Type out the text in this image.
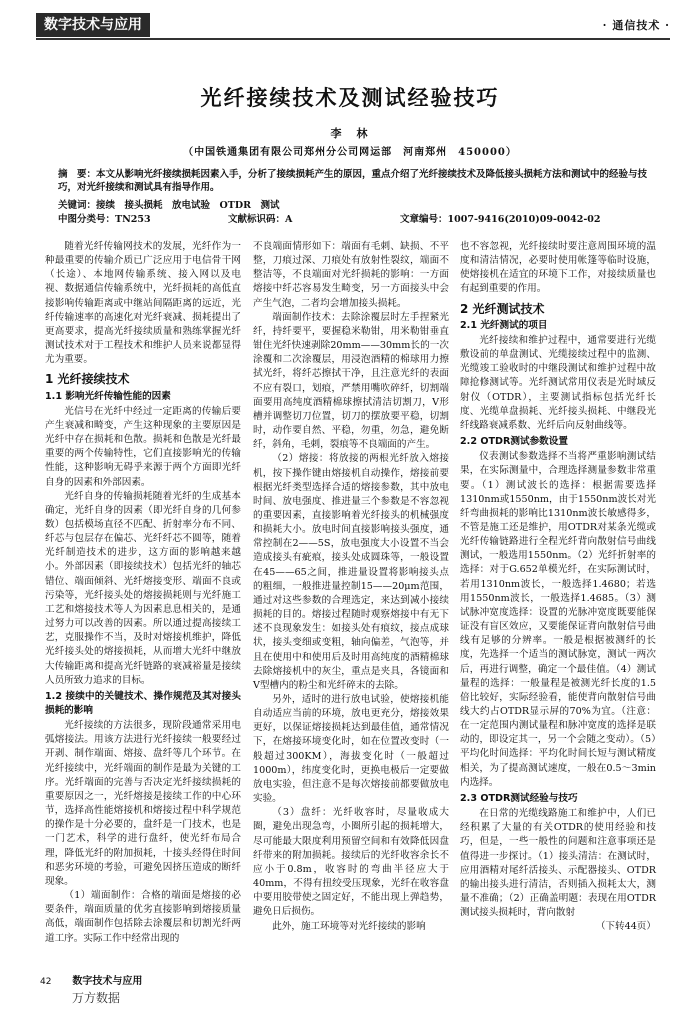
数字技术与应用	· 通信技术 ·
光纤接续技术及测试经验技巧
李　林
（中国铁通集团有限公司郑州分公司网运部　河南郑州　450000）
摘　要：本文从影响光纤接续损耗因素入手，分析了接续损耗产生的原因，重点介绍了光纤接续技术及降低接头损耗方法和测试中的经验与技巧，对光纤接续和测试具有指导作用。
关键词：接续　接头损耗　放电试验　OTDR　测试
中图分类号：TN253	文献标识码：A	文章编号：1007-9416(2010)09-0042-02

随着光纤传输网技术的发展，光纤作为一种最重要的传输介质已广泛应用于电信骨干网（长途）、本地网传输系统、接入网以及电视、数据通信传输系统中，光纤损耗的高低直接影响传输距离或中继站间隔距离的远近，光纤传输速率的高速化对光纤衰减、损耗提出了更高要求，提高光纤接续质量和熟练掌握光纤测试技术对于工程技术和维护人员来说都显得尤为重要。

1 光纤接续技术
1.1 影响光纤传输性能的因素

光信号在光纤中经过一定距离的传输后要产生衰减和畸变，产生这种现象的主要原因是光纤中存在损耗和色散。损耗和色散是光纤最重要的两个传输特性，它们直接影响光的传输性能，这种影响无碍乎来源于两个方面即光纤自身的因素和外部因素。

光纤自身的传输损耗随着光纤的生成基本确定，光纤自身的因素（即光纤自身的几何参数）包括模场直径不匹配、折射率分布不同、纤芯与包层存在偏芯、光纤纤芯不圆等，随着光纤制造技术的进步，这方面的影响越来越小。外部因素（即接续技术）包括光纤的轴芯错位、端面倾斜、光纤熔接变形、端面不良或污染等，光纤接头处的熔接损耗则与光纤施工工艺和熔接技术等人为因素息息相关的，是通过努力可以改善的因素。所以通过提高接续工艺，克服操作不当，及时对熔接机维护，降低光纤接头处的熔接损耗，从而增大光纤中继放大传输距离和提高光纤链路的衰减裕量是接续人员所致力追求的目标。

1.2 接续中的关键技术、操作规范及其对接头损耗的影响

光纤接续的方法很多，现阶段通常采用电弧熔接法。用该方法进行光纤接续一般要经过开剥、制作端面、熔接、盘纤等几个环节。在光纤接续中，光纤端面的制作是最为关键的工序。光纤端面的完善与否决定光纤接续损耗的重要原因之一，光纤熔接是接续工作的中心环节，选择高性能熔接机和熔接过程中科学规范的操作是十分必要的，盘纤是一门技术，也是一门艺术，科学的进行盘纤，使光纤布局合理，降低光纤的附加损耗，十接头经得住时间和恶劣环境的考验，可避免因挤压造成的断纤现象。

（1）端面制作：合格的端面是熔接的必要条件，端面质量的优劣直接影响到熔接质量高低，端面制作包括除去涂覆层和切割光纤两道工序。实际工作中经常出现的

不良端面情形如下：端面有毛刺、缺损、不平整，刀痕过深、刀痕处有放射性裂纹，端面不整洁等，不良端面对光纤损耗的影响：一方面熔接中纤芯容易发生畸变，另一方面接头中会产生气泡，二者均会增加接头损耗。

端面制作技术：去除涂覆层时左手捏紧光纤，持纤要平，要握稳米勒钳，用米勒钳垂直钳住光纤快速剥除20mm——30mm长的一次涂覆和二次涂覆层，用浸泡酒精的棉球用力擦拭光纤，将纤芯擦拭干净，且注意光纤的表面不应有裂口，划痕，严禁用嘴吹碎纤，切割端面要用高纯度酒精棉球擦拭清洁切割刀，V形槽并调整切刀位置，切刀的摆放要平稳，切割时，动作要自然、平稳，勿重，勿急，避免断纤，斜角，毛刺，裂痕等不良端面的产生。

（2）熔接：将放接的两根光纤放入熔接机，按下操作键由熔接机自动操作，熔接前要根据光纤类型选择合适的熔接参数，其中放电时间、放电强度、推进量三个参数是不容忽视的重要因素，直接影响着光纤接头的机械强度和损耗大小。放电时间直接影响接头强度，通常控制在2——5S，放电强度大小设置不当会造成接头有疵痕，接头处成圆珠等，一般设置在45——65之间，推进量设置将影响接头点的粗细，一般推进量控制15——20μm范围，通过对这些参数的合理选定，来达到减小接续损耗的目的。熔接过程随时观察熔接中有无下述不良现象发生：如接头处有痕纹，接点成球状，接头变细或变粗，轴向偏差，气泡等，并且在使用中和使用后及时用高纯度的酒精棉球去除熔接机中的灰尘，重点是夹具，各镜面和V型槽内的粉尘和光纤碎末的去除。

另外，适时的进行放电试验，使熔接机能自动适应当前的环境，放电更充分，熔接效果更好，以保证熔接损耗达到最佳值，通常情况下，在熔接环境变化时，如在位置改变时（一般超过300KM），海拔变化时（一般超过1000m），纬度变化时，更换电极后一定要做放电实验，但注意不是每次熔接前都要做放电实验。

（3）盘纤：光纤收容时，尽量收成大圈，避免出现急弯，小圈所引起的损耗增大，尽可能最大限度利用预留空间和有效降低因盘纤带来的附加损耗。接续后的光纤收容余长不应小于0.8m，收容时的弯曲半径应大于40mm，不得有扭绞受压现象，光纤在收容盘中要用胶带使之固定好，不能出现上弹趋势，避免日后损伤。

此外，施工环境等对光纤接续的影响

也不容忽视，光纤接续时要注意周围环境的温度和清洁情况，必要时使用帐篷等临时设施，使熔接机在适宜的环境下工作，对接续质量也有起到重要的作用。

2 光纤测试技术
2.1 光纤测试的项目

光纤接续和维护过程中，通常要进行光缆敷设前的单盘测试、光缆接续过程中的监测、光缆竣工验收时的中继段测试和维护过程中故障抢修测试等。光纤测试常用仪表是光时域反射仪（OTDR），主要测试指标包括光纤长度、光缆单盘损耗、光纤接头损耗、中继段光纤线路衰减系数、光纤后向反射曲线等。

2.2 OTDR测试参数设置

仪表测试参数选择不当将严重影响测试结果，在实际测量中，合理选择测量参数非常重要。（1）测试波长的选择：根据需要选择1310nm或1550nm，由于1550nm波长对光纤弯曲损耗的影响比1310nm波长敏感得多，不管是施工还是维护，用OTDR对某条光缆或光纤传输链路进行全程光纤背向散射信号曲线测试，一般选用1550nm。（2）光纤折射率的选择：对于G.652单模光纤，在实际测试时，若用1310nm波长，一般选择1.4680；若选用1550nm波长，一般选择1.4685。（3）测试脉冲宽度选择：设置的光脉冲宽度既要能保证没有盲区效应，又要能保证背向散射信号曲线有足够的分辨率。一般是根据被测纤的长度，先选择一个适当的测试脉宽，测试一两次后，再进行调整，确定一个最佳值。（4）测试量程的选择：一般量程是被测光纤长度的1.5倍比较好，实际经验看，能使背向散射信号曲线大约占OTDR显示屏的70%为宜。（注意：在一定范围内测试量程和脉冲宽度的选择是联动的，即设定其一，另一个会随之变动）。（5）平均化时间选择：平均化时间长短与测试精度相关，为了提高测试速度，一般在0.5～3min内选择。

2.3 OTDR测试经验与技巧

在日常的光缆线路施工和维护中，人们已经积累了大量的有关OTDR的使用经验和技巧，但是，一些一般性的问题和注意事项还是值得进一步探讨。（1）接头清洁：在测试时，应用酒精对尾纤活接头、示配器接头、OTDR的输出接头进行清洁，否则插入损耗太大，测量不准确；（2）正确盖明题：表现在用OTDR测试接头损耗时，背向散射

（下转44页）

42 数字技术与应用
万方数据
